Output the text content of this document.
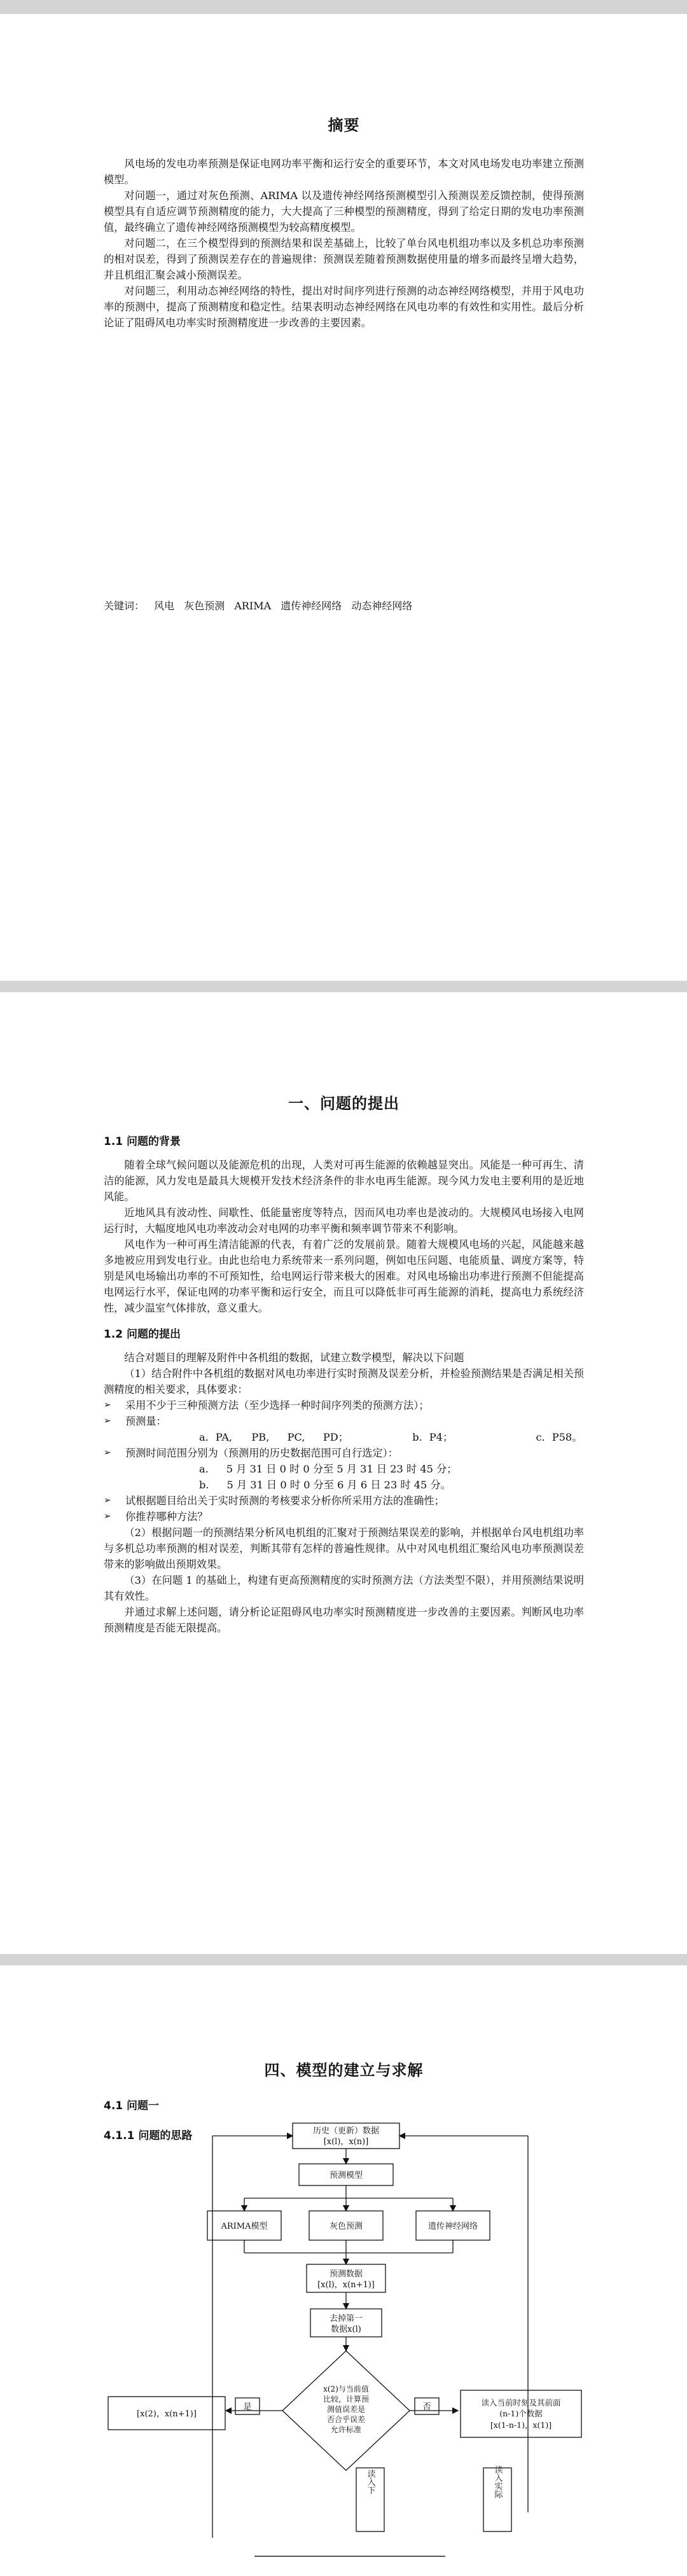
摘要

风电场的发电功率预测是保证电网功率平衡和运行安全的重要环节，本文对风电场发电功率建立预测模型。

对问题一，通过对灰色预测、ARIMA 以及遗传神经网络预测模型引入预测误差反馈控制，使得预测模型具有自适应调节预测精度的能力，大大提高了三种模型的预测精度，得到了给定日期的发电功率预测值，最终确立了遗传神经网络预测模型为较高精度模型。

对问题二，在三个模型得到的预测结果和误差基础上，比较了单台风电机组功率以及多机总功率预测的相对误差，得到了预测误差存在的普遍规律：预测误差随着预测数据使用量的增多而最终呈增大趋势，并且机组汇聚会减小预测误差。

对问题三，利用动态神经网络的特性，提出对时间序列进行预测的动态神经网络模型，并用于风电功率的预测中，提高了预测精度和稳定性。结果表明动态神经网络在风电功率的有效性和实用性。最后分析论证了阻碍风电功率实时预测精度进一步改善的主要因素。

关键词： 风电 灰色预测 ARIMA 遗传神经网络 动态神经网络
一、问题的提出
1.1 问题的背景

随着全球气候问题以及能源危机的出现，人类对可再生能源的依赖越显突出。风能是一种可再生、清洁的能源，风力发电是最具大规模开发技术经济条件的非水电再生能源。现今风力发电主要利用的是近地风能。

近地风具有波动性、间歇性、低能量密度等特点，因而风电功率也是波动的。大规模风电场接入电网运行时，大幅度地风电功率波动会对电网的功率平衡和频率调节带来不利影响。

风电作为一种可再生清洁能源的代表，有着广泛的发展前景。随着大规模风电场的兴起，风能越来越多地被应用到发电行业。由此也给电力系统带来一系列问题，例如电压问题、电能质量、调度方案等，特别是风电场输出功率的不可预知性，给电网运行带来极大的困难。对风电场输出功率进行预测不但能提高电网运行水平，保证电网的功率平衡和运行安全，而且可以降低非可再生能源的消耗，提高电力系统经济性，减少温室气体排放，意义重大。

1.2 问题的提出

结合对题目的理解及附件中各机组的数据，试建立数学模型，解决以下问题

（1）结合附件中各机组的数据对风电功率进行实时预测及误差分析，并检验预测结果是否满足相关预测精度的相关要求，具体要求：

➢ 采用不少于三种预测方法（至少选择一种时间序列类的预测方法）；
➢ 预测量：
a．PA, PB, PC, PD；	b．P4；	c．P58。
➢ 预测时间范围分别为（预测用的历史数据范围可自行选定）：
a. 5 月 31 日 0 时 0 分至 5 月 31 日 23 时 45 分；
b. 5 月 31 日 0 时 0 分至 6 月 6 日 23 时 45 分。
➢ 试根据题目给出关于实时预测的考核要求分析你所采用方法的准确性；
➢ 你推荐哪种方法？

（2）根据问题一的预测结果分析风电机组的汇聚对于预测结果误差的影响，并根据单台风电机组功率与多机总功率预测的相对误差，判断其带有怎样的普遍性规律。从中对风电机组汇聚给风电功率预测误差带来的影响做出预期效果。

（3）在问题 1 的基础上，构建有更高预测精度的实时预测方法（方法类型不限），并用预测结果说明其有效性。

并通过求解上述问题，请分析论证阻碍风电功率实时预测精度进一步改善的主要因素。判断风电功率预测精度是否能无限提高。

四、模型的建立与求解
4.1 问题一
4.1.1 问题的思路	历史（更新）数据
[x(l)，x(n)]
预测模型
ARIMA模型	灰色预测	遗传神经网络
预测数据
[x(l)，x(n+1)]
去掉第一
数据x(l)
x(2)与当前值
比较，计算预
测值误差是
否合乎误差
允许标准
是	否
[x(2)，x(n+1)]
读入当前时刻及其前面
(n-1)个数据
[x(1-n-1)，x(1)]
读入下	读入实际
